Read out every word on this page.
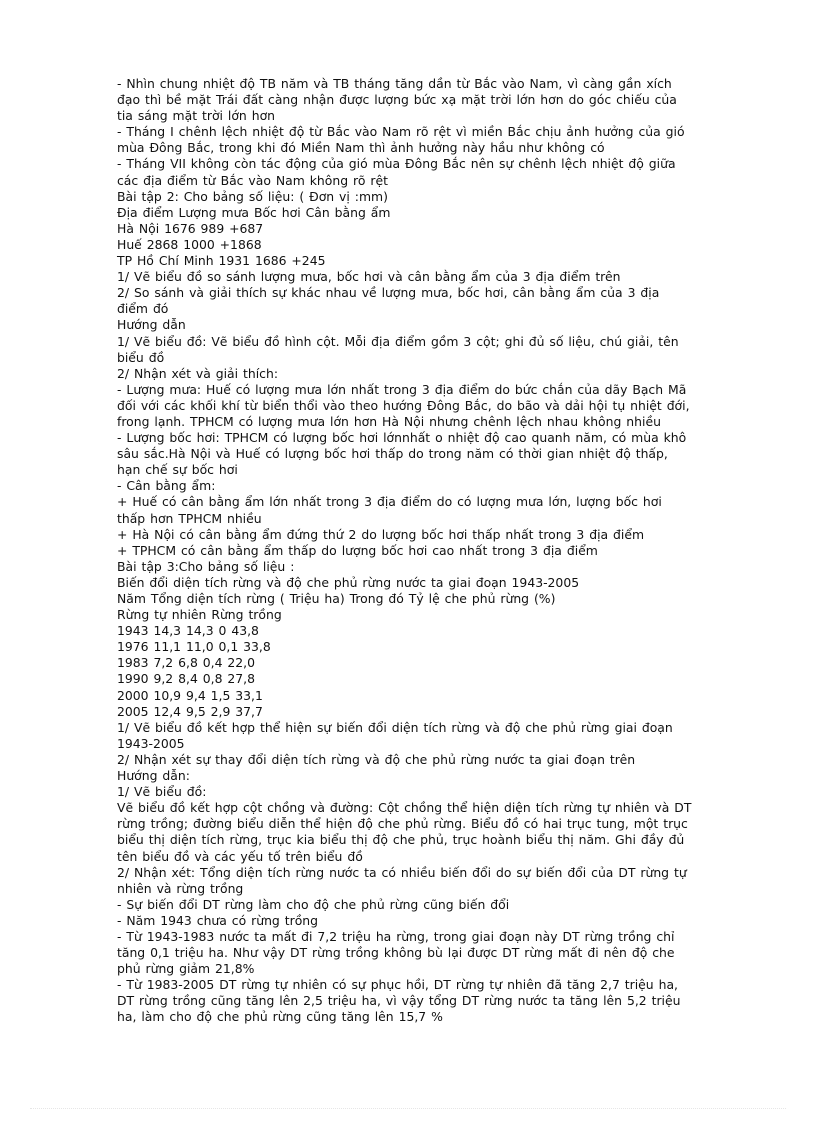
- Nhìn chung nhiệt độ TB năm và TB tháng tăng dần từ Bắc vào Nam, vì càng gần xích
đạo thì bề mặt Trái đất càng nhận được lượng bức xạ mặt trời lớn hơn do góc chiếu của
tia sáng mặt trời lớn hơn
- Tháng I chênh lệch nhiệt độ từ Bắc vào Nam rõ rệt vì miền Bắc chịu ảnh hưởng của gió
mùa Đông Bắc, trong khi đó Miền Nam thì ảnh hưởng này hầu như không có
- Tháng VII không còn tác động của gió mùa Đông Bắc nên sự chênh lệch nhiệt độ giữa
các địa điểm từ Bắc vào Nam không rõ rệt
Bài tập 2: Cho bảng số liệu: ( Đơn vị :mm)
Địa điểm Lượng mưa Bốc hơi Cân bằng ẩm
Hà Nội 1676 989 +687
Huế 2868 1000 +1868
TP Hồ Chí Minh 1931 1686 +245
1/ Vẽ biểu đồ so sánh lượng mưa, bốc hơi và cân bằng ẩm của 3 địa điểm trên
2/ So sánh và giải thích sự khác nhau về lượng mưa, bốc hơi, cân bằng ẩm của 3 địa
điểm đó
Hướng dẫn
1/ Vẽ biểu đồ: Vẽ biểu đồ hình cột. Mỗi địa điểm gồm 3 cột; ghi đủ số liệu, chú giải, tên
biểu đồ
2/ Nhận xét và giải thích:
- Lượng mưa: Huế có lượng mưa lớn nhất trong 3 địa điểm do bức chắn của dãy Bạch Mã
đối với các khối khí từ biển thổi vào theo hướng Đông Bắc, do bão và dải hội tụ nhiệt đới,
frong lạnh. TPHCM có lượng mưa lớn hơn Hà Nội nhưng chênh lệch nhau không nhiều
- Lượng bốc hơi: TPHCM có lượng bốc hơi lớnnhất o nhiệt độ cao quanh năm, có mùa khô
sâu sắc.Hà Nội và Huế có lượng bốc hơi thấp do trong năm có thời gian nhiệt độ thấp,
hạn chế sự bốc hơi
- Cân bằng ẩm:
+ Huế có cân bằng ẩm lớn nhất trong 3 địa điểm do có lượng mưa lớn, lượng bốc hơi
thấp hơn TPHCM nhiều
+ Hà Nội có cân bằng ẩm đứng thứ 2 do lượng bốc hơi thấp nhất trong 3 địa điểm
+ TPHCM có cân bằng ẩm thấp do lượng bốc hơi cao nhất trong 3 địa điểm
Bài tập 3:Cho bảng số liệu :
Biến đổi diện tích rừng và độ che phủ rừng nước ta giai đoạn 1943-2005
Năm Tổng diện tích rừng ( Triệu ha) Trong đó Tỷ lệ che phủ rừng (%)
Rừng tự nhiên Rừng trồng
1943 14,3 14,3 0 43,8
1976 11,1 11,0 0,1 33,8
1983 7,2 6,8 0,4 22,0
1990 9,2 8,4 0,8 27,8
2000 10,9 9,4 1,5 33,1
2005 12,4 9,5 2,9 37,7
1/ Vẽ biểu đồ kết hợp thể hiện sự biến đổi diện tích rừng và độ che phủ rừng giai đoạn
1943-2005
2/ Nhận xét sự thay đổi diện tích rừng và độ che phủ rừng nước ta giai đoạn trên
Hướng dẫn:
1/ Vẽ biểu đồ:
Vẽ biểu đồ kết hợp cột chồng và đường: Cột chồng thể hiện diện tích rừng tự nhiên và DT
rừng trồng; đường biểu diễn thể hiện độ che phủ rừng. Biểu đồ có hai trục tung, một trục
biểu thị diện tích rừng, trục kia biểu thị độ che phủ, trục hoành biểu thị năm. Ghi đầy đủ
tên biểu đồ và các yếu tố trên biểu đồ
2/ Nhận xét: Tổng diện tích rừng nước ta có nhiều biến đổi do sự biến đổi của DT rừng tự
nhiên và rừng trồng
- Sự biến đổi DT rừng làm cho độ che phủ rừng cũng biến đổi
- Năm 1943 chưa có rừng trồng
- Từ 1943-1983 nước ta mất đi 7,2 triệu ha rừng, trong giai đoạn này DT rừng trồng chỉ
tăng 0,1 triệu ha. Như vậy DT rừng trồng không bù lại được DT rừng mất đi nên độ che
phủ rừng giảm 21,8%
- Từ 1983-2005 DT rừng tự nhiên có sự phục hồi, DT rừng tự nhiên đã tăng 2,7 triệu ha,
DT rừng trồng cũng tăng lên 2,5 triệu ha, vì vậy tổng DT rừng nước ta tăng lên 5,2 triệu
ha, làm cho độ che phủ rừng cũng tăng lên 15,7 %
